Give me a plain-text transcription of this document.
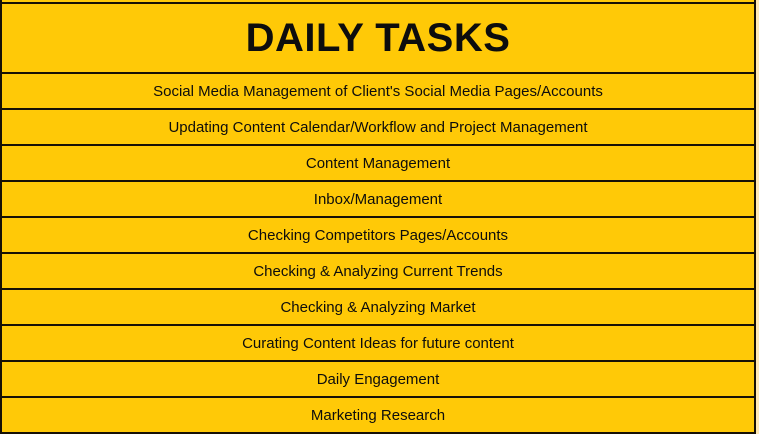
DAILY TASKS
Social Media Management of Client's Social Media Pages/Accounts
Updating Content Calendar/Workflow and Project Management
Content Management
Inbox/Management
Checking Competitors Pages/Accounts
Checking & Analyzing Current Trends
Checking & Analyzing Market
Curating Content Ideas for future content
Daily Engagement
Marketing Research
